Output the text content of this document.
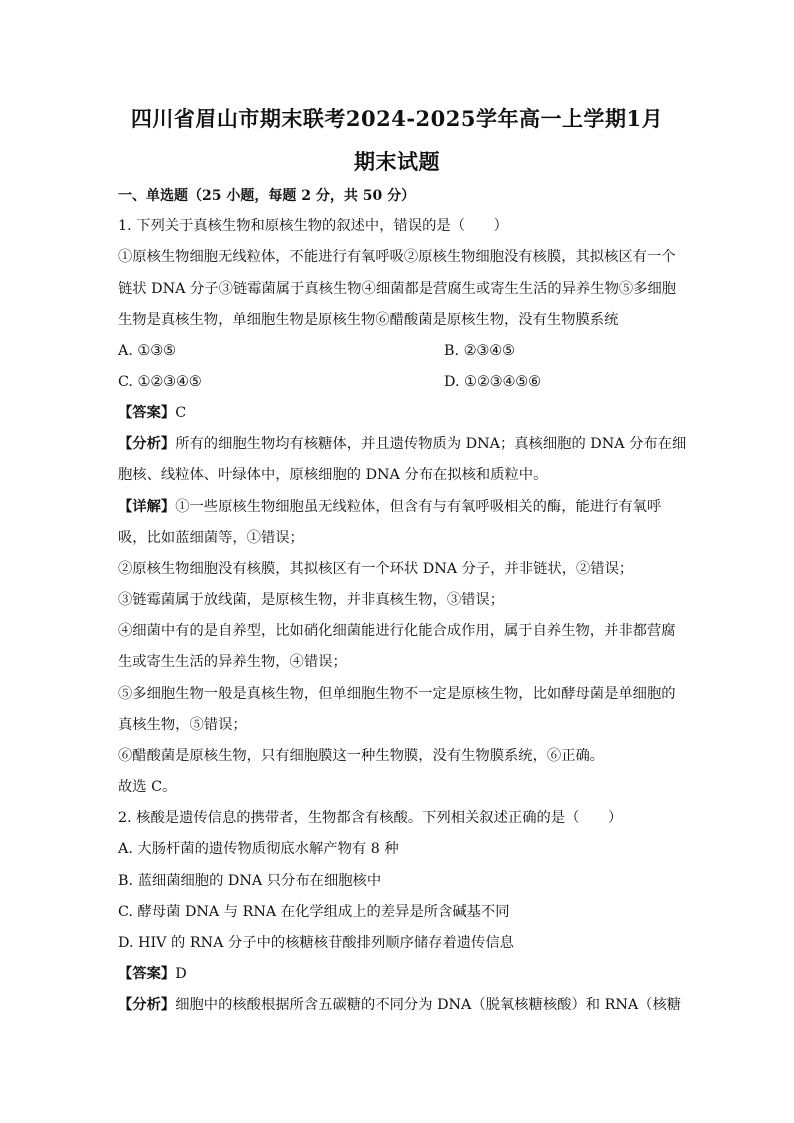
四川省眉山市期末联考2024-2025学年高一上学期1月
期末试题
一、单选题（25 小题，每题 2 分，共 50 分）
1. 下列关于真核生物和原核生物的叙述中，错误的是（　　）
①原核生物细胞无线粒体，不能进行有氧呼吸②原核生物细胞没有核膜，其拟核区有一个
链状 DNA 分子③链霉菌属于真核生物④细菌都是营腐生或寄生生活的异养生物⑤多细胞
生物是真核生物，单细胞生物是原核生物⑥醋酸菌是原核生物，没有生物膜系统
A. ①③⑤	B. ②③④⑤
C. ①②③④⑤	D. ①②③④⑤⑥
【答案】C
【分析】所有的细胞生物均有核糖体，并且遗传物质为 DNA；真核细胞的 DNA 分布在细
胞核、线粒体、叶绿体中，原核细胞的 DNA 分布在拟核和质粒中。
【详解】①一些原核生物细胞虽无线粒体，但含有与有氧呼吸相关的酶，能进行有氧呼
吸，比如蓝细菌等，①错误；
②原核生物细胞没有核膜，其拟核区有一个环状 DNA 分子，并非链状，②错误；
③链霉菌属于放线菌，是原核生物，并非真核生物，③错误；
④细菌中有的是自养型，比如硝化细菌能进行化能合成作用，属于自养生物，并非都营腐
生或寄生生活的异养生物，④错误；
⑤多细胞生物一般是真核生物，但单细胞生物不一定是原核生物，比如酵母菌是单细胞的
真核生物，⑤错误；
⑥醋酸菌是原核生物，只有细胞膜这一种生物膜，没有生物膜系统，⑥正确。
故选 C。
2. 核酸是遗传信息的携带者，生物都含有核酸。下列相关叙述正确的是（　　）
A. 大肠杆菌的遗传物质彻底水解产物有 8 种
B. 蓝细菌细胞的 DNA 只分布在细胞核中
C. 酵母菌 DNA 与 RNA 在化学组成上的差异是所含碱基不同
D. HIV 的 RNA 分子中的核糖核苷酸排列顺序储存着遗传信息
【答案】D
【分析】细胞中的核酸根据所含五碳糖的不同分为 DNA（脱氧核糖核酸）和 RNA（核糖
